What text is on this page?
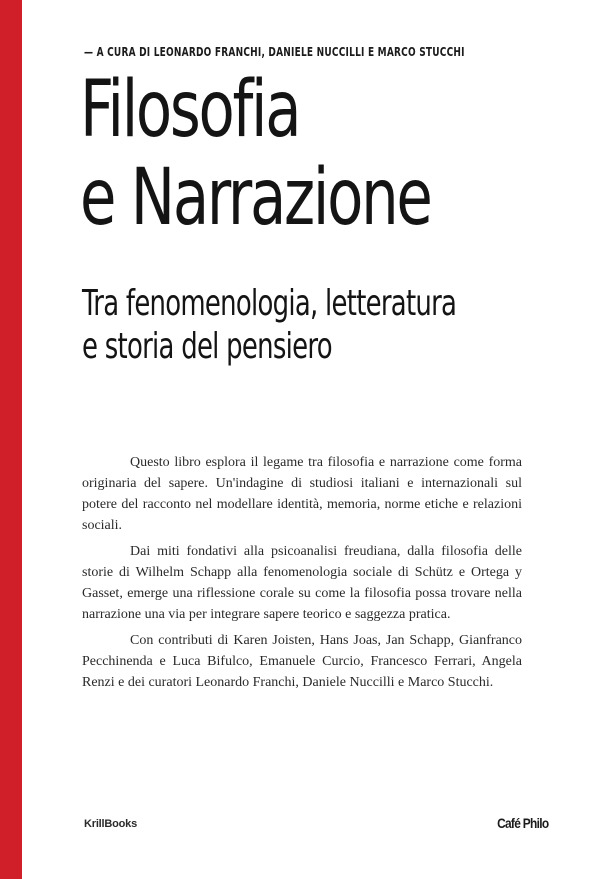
— A CURA DI LEONARDO FRANCHI, DANIELE NUCCILLI E MARCO STUCCHI
Filosofia
e Narrazione
Tra fenomenologia, letteratura
e storia del pensiero

Questo libro esplora il legame tra filosofia e narrazione come forma originaria del sapere. Un'indagine di studiosi italiani e internazionali sul potere del racconto nel modellare identità, memoria, norme etiche e relazioni sociali.

Dai miti fondativi alla psicoanalisi freudiana, dalla filosofia delle storie di Wilhelm Schapp alla fenomenologia sociale di Schütz e Ortega y Gasset, emerge una riflessione corale su come la filosofia possa trovare nella narrazione una via per integrare sapere teorico e saggezza pratica.

Con contributi di Karen Joisten, Hans Joas, Jan Schapp, Gianfranco Pecchinenda e Luca Bifulco, Emanuele Curcio, Francesco Ferrari, Angela Renzi e dei curatori Leonardo Franchi, Daniele Nuccilli e Marco Stucchi.

KrillBooks	Café Philo
